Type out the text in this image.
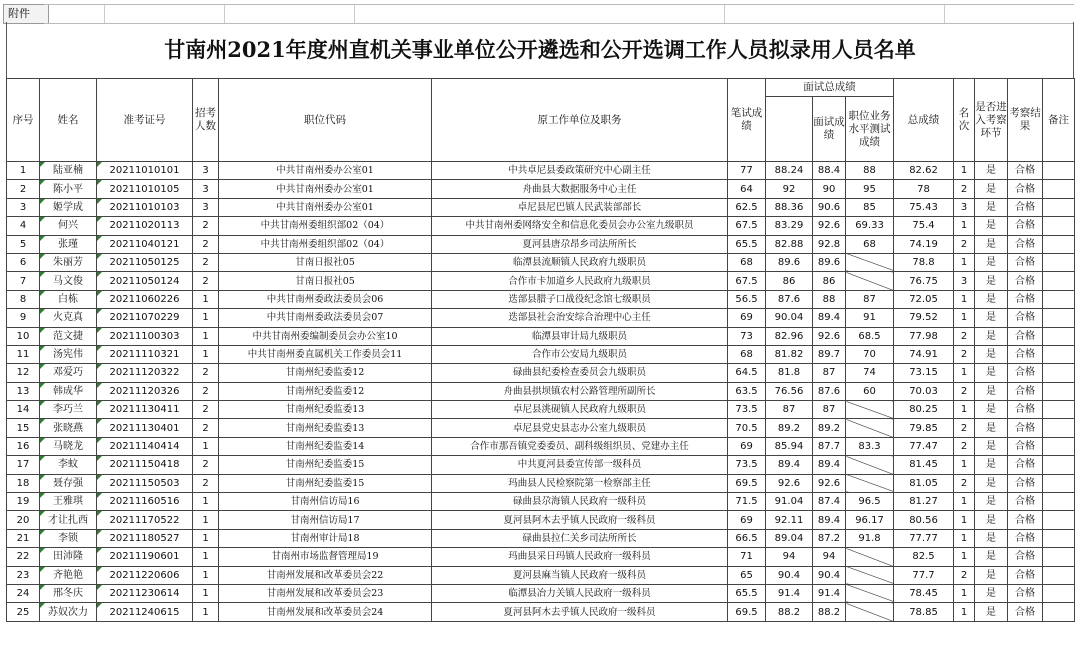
附件
甘南州2021年度州直机关事业单位公开遴选和公开选调工作人员拟录用人员名单
序号	姓名	准考证号	招考人数	职位代码	原工作单位及职务	笔试成绩	面试总成绩			总成绩	名次	是否进入考察环节	考察结果	备注
								面试成绩	职位业务水平测试成绩					
1	陆亚楠	20211010101	3	中共甘南州委办公室01	中共卓尼县委政策研究中心副主任	77	88.24	88.4	88	82.62	1	是	合格	
2	陈小平	20211010105	3	中共甘南州委办公室01	舟曲县大数据服务中心主任	64	92	90	95	78	2	是	合格	
3	姬学成	20211010103	3	中共甘南州委办公室01	卓尼县尼巴镇人民武装部部长	62.5	88.36	90.6	85	75.43	3	是	合格	
4	何兴	20211020113	2	中共甘南州委组织部02（04）	中共甘南州委网络安全和信息化委员会办公室九级职员	67.5	83.29	92.6	69.33	75.4	1	是	合格	
5	张瑾	20211040121	2	中共甘南州委组织部02（04）	夏河县唐尕昂乡司法所所长	65.5	82.88	92.8	68	74.19	2	是	合格	
6	朱丽芳	20211050125	2	甘南日报社05	临潭县流顺镇人民政府九级职员	68	89.6	89.6		78.8	1	是	合格	
7	马文俊	20211050124	2	甘南日报社05	合作市卡加道乡人民政府九级职员	67.5	86	86		76.75	3	是	合格	
8	白栋	20211060226	1	中共甘南州委政法委员会06	迭部县腊子口战役纪念馆七级职员	56.5	87.6	88	87	72.05	1	是	合格	
9	火克真	20211070229	1	中共甘南州委政法委员会07	迭部县社会治安综合治理中心主任	69	90.04	89.4	91	79.52	1	是	合格	
10	范文捷	20211100303	1	中共甘南州委编制委员会办公室10	临潭县审计局九级职员	73	82.96	92.6	68.5	77.98	2	是	合格	
11	汤宪伟	20211110321	1	中共甘南州委直属机关工作委员会11	合作市公安局九级职员	68	81.82	89.7	70	74.91	2	是	合格	
12	邓爱巧	20211120322	2	甘南州纪委监委12	碌曲县纪委检查委员会九级职员	64.5	81.8	87	74	73.15	1	是	合格	
13	韩成华	20211120326	2	甘南州纪委监委12	舟曲县拱坝镇农村公路管理所副所长	63.5	76.56	87.6	60	70.03	2	是	合格	
14	李巧兰	20211130411	2	甘南州纪委监委13	卓尼县洮砚镇人民政府九级职员	73.5	87	87		80.25	1	是	合格	
15	张晓燕	20211130401	2	甘南州纪委监委13	卓尼县党史县志办公室九级职员	70.5	89.2	89.2		79.85	2	是	合格	
16	马晓龙	20211140414	1	甘南州纪委监委14	合作市那吾镇党委委员、副科级组织员、党建办主任	69	85.94	87.7	83.3	77.47	2	是	合格	
17	李蚊	20211150418	2	甘南州纪委监委15	中共夏河县委宣传部一级科员	73.5	89.4	89.4		81.45	1	是	合格	
18	聂存强	20211150503	2	甘南州纪委监委15	玛曲县人民检察院第一检察部主任	69.5	92.6	92.6		81.05	2	是	合格	
19	王雅琪	20211160516	1	甘南州信访局16	碌曲县尕海镇人民政府一级科员	71.5	91.04	87.4	96.5	81.27	1	是	合格	
20	才让扎西	20211170522	1	甘南州信访局17	夏河县阿木去乎镇人民政府一级科员	69	92.11	89.4	96.17	80.56	1	是	合格	
21	李锁	20211180527	1	甘南州审计局18	碌曲县拉仁关乡司法所所长	66.5	89.04	87.2	91.8	77.77	1	是	合格	
22	田沛隆	20211190601	1	甘南州市场监督管理局19	玛曲县采日玛镇人民政府一级科员	71	94	94		82.5	1	是	合格	
23	齐艳艳	20211220606	1	甘南州发展和改革委员会22	夏河县麻当镇人民政府一级科员	65	90.4	90.4		77.7	2	是	合格	
24	邢冬庆	20211230614	1	甘南州发展和改革委员会23	临潭县冶力关镇人民政府一级科员	65.5	91.4	91.4		78.45	1	是	合格	
25	苏奴次力	20211240615	1	甘南州发展和改革委员会24	夏河县阿木去乎镇人民政府一级科员	69.5	88.2	88.2		78.85	1	是	合格	
